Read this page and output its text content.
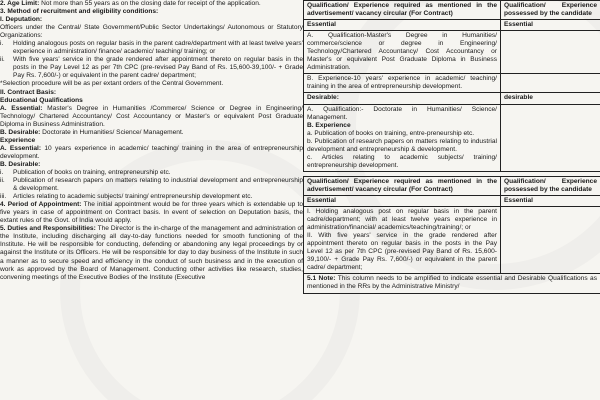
2. Age Limit: Not more than 55 years as on the closing date for receipt of the application.

3. Method of recruitment and eligibility conditions:

I. Deputation:

Officers under the Central/ State Government/Public Sector Undertakings/ Autonomous or Statutory Organizations:

i.	Holding analogous posts on regular basis in the parent cadre/department with at least twelve years' experience in administration/ finance/ academic/ teaching/ training; or
ii.	With five years' service in the grade rendered after appointment thereto on regular basis in the posts in the Pay Level 12 as per 7th CPC (pre-revised Pay Band of Rs. 15,600-39,100/- + Grade Pay Rs. 7,600/-) or equivalent in the parent cadre/ department;

*Selection procedure will be as per extant orders of the Central Government.

II. Contract Basis:

Educational Qualifications

A. Essential: Master's Degree in Humanities /Commerce/ Science or Degree in Engineering/ Technology/ Chartered Accountancy/ Cost Accountancy or Master's or equivalent Post Graduate Diploma in Business Administration.

B. Desirable: Doctorate in Humanities/ Science/ Management.

Experience

A. Essential: 10 years experience in academic/ teaching/ training in the area of entrepreneurship development.

B. Desirable:

i.	Publication of books on training, entrepreneurship etc.
ii.	Publication of research papers on matters relating to industrial development and entrepreneurship & development.
iii.	Articles relating to academic subjects/ training/ entrepreneurship development etc.

4. Period of Appointment: The initial appointment would be for three years which is extendable up to five years in case of appointment on Contract basis. In event of selection on Deputation basis, the extant rules of the Govt. of India would apply.

5. Duties and Responsibilities: The Director is the in-charge of the management and administration of the Institute, including discharging all day-to-day functions needed for smooth functioning of the Institute. He will be responsible for conducting, defending or abandoning any legal proceedings by or against the Institute or its Officers. He will be responsible for day to day business of the Institute in such a manner as to secure speed and efficiency in the conduct of such business and in the execution of work as approved by the Board of Management. Conducting other activities like research, studies, convening meetings of the Executive Bodies of the Institute (Executive

Qualification/ Experience required as mentioned in the advertisement/ vacancy circular (For Contract)	Qualification/ Experience possessed by the candidate
Essential	Essential

A. Qualification-Master's Degree in Humanities/ commerce/science or degree in Engineering/ Technology/Chartered Accountancy/ Cost Accountancy or Master's or equivalent Post Graduate Diploma in Business Administration.	

B. Experience-10 years' experience in academic/ teaching/ training in the area of entrepreneurship development.	

Desirable:	desirable

A. Qualification:- Doctorate in Humanities/ Science/ Management.

B. Experience

a. Publication of books on training, entre-preneurship etc.

b. Publication of research papers on matters relating to industrial development and entrepreneurship & development.

c. Articles relating to academic subjects/ training/ entrepreneurship development.	

Qualification/ Experience required as mentioned in the advertisement/ vacancy circular (For Contract)	Qualification/ Experience possessed by the candidate
Essential	Essential

I. Holding analogous post on regular basis in the parent cadre/department; with at least twelve years experience in administration/financial/ academics/teaching/training/; or

II. With five years' service in the grade rendered after appointment thereto on regular basis in the posts in the Pay Level 12 as per 7th CPC (pre-revised Pay Band of Rs. 15,600-39,100/- + Grade Pay Rs. 7,600/-) or equivalent in the parent cadre/ department;	

5.1 Note: This column needs to be amplified to indicate essential and Desirable Qualifications as mentioned in the RRs by the Administrative Ministry/	
